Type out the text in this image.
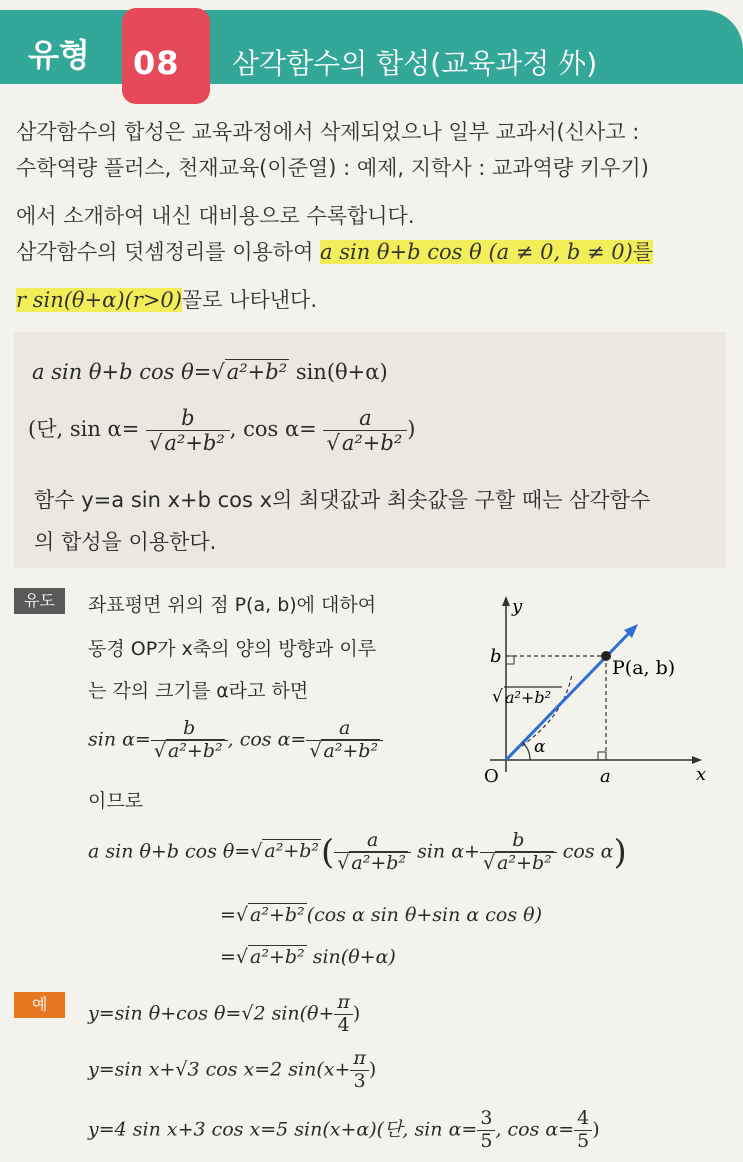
유형 08 삼각함수의 합성(교육과정 外)
삼각함수의 합성은 교육과정에서 삭제되었으나 일부 교과서(신사고 :
수학역량 플러스, 천재교육(이준열) : 예제, 지학사 : 교과역량 키우기)
에서 소개하여 내신 대비용으로 수록합니다.
삼각함수의 덧셈정리를 이용하여 a sin θ+b cos θ (a ≠ 0, b ≠ 0)를
r sin(θ+α)(r>0)꼴로 나타낸다.
a sin θ+b cos θ=√a²+b² sin(θ+α)
(단, $\sin \alpha= \frac{b}{\text{√a²+b²}}$ , $\cos \alpha= \frac{a}{\text{√a²+b²}}$ )
함수 y=a sin x+b cos x의 최댓값과 최솟값을 구할 때는 삼각함수
의 합성을 이용한다.
유도	좌표평면 위의 점 P(a, b)에 대하여
동경 OP가 x축의 양의 방향과 이루
는 각의 크기를 α라고 하면
$\sin \alpha= \frac{b}{\text{√ a²+b²}}$ , $\cos \alpha= \frac{a}{\text{√ a²+b²}}$
이므로
a sin θ+b cos θ=√ $a^2+b^2( \frac{a}{\text{√ a²+b²}}$ $\sin \alpha+ \frac{b}{\text{√ a²+b²}}$ cos α)
=√ a²+b² (cos α sin θ+sin α cos θ)
=√ a²+b² sin(θ+α)
y
x
O
b
a
P(a, b)
√ a²+b²
α
예	y=sin θ+cos θ=√2 $\sin(\theta+ \frac{\pi}{4}$ )
y=sin x+√3 cos x=2 $\sin(x+ \frac{\pi}{3}$ )
y=4 sin x+3 cos x=5 sin(x+α)(단, $\sin \alpha= \frac{3}{5}$ , $\cos \alpha= \frac{4}{5}$ )
